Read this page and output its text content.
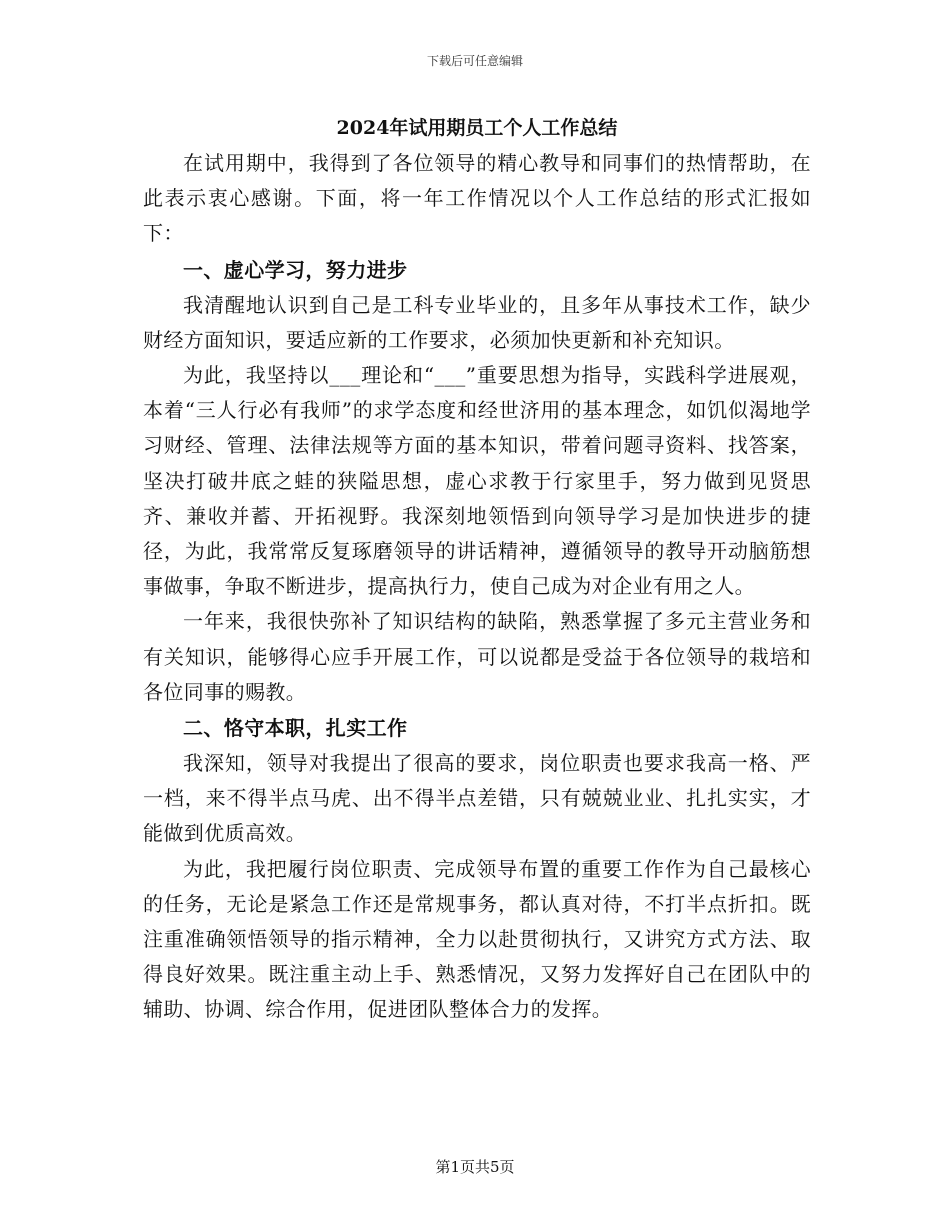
下载后可任意编辑
2024年试用期员工个人工作总结

在试用期中，我得到了各位领导的精心教导和同事们的热情帮助，在此表示衷心感谢。下面，将一年工作情况以个人工作总结的形式汇报如下：

一、虚心学习，努力进步

我清醒地认识到自己是工科专业毕业的，且多年从事技术工作，缺少财经方面知识，要适应新的工作要求，必须加快更新和补充知识。

为此，我坚持以___理论和“___”重要思想为指导，实践科学进展观，本着“三人行必有我师”的求学态度和经世济用的基本理念，如饥似渴地学习财经、管理、法律法规等方面的基本知识，带着问题寻资料、找答案，坚决打破井底之蛙的狭隘思想，虚心求教于行家里手，努力做到见贤思齐、兼收并蓄、开拓视野。我深刻地领悟到向领导学习是加快进步的捷径，为此，我常常反复琢磨领导的讲话精神，遵循领导的教导开动脑筋想事做事，争取不断进步，提高执行力，使自己成为对企业有用之人。

一年来，我很快弥补了知识结构的缺陷，熟悉掌握了多元主营业务和有关知识，能够得心应手开展工作，可以说都是受益于各位领导的栽培和各位同事的赐教。

二、恪守本职，扎实工作

我深知，领导对我提出了很高的要求，岗位职责也要求我高一格、严一档，来不得半点马虎、出不得半点差错，只有兢兢业业、扎扎实实，才能做到优质高效。

为此，我把履行岗位职责、完成领导布置的重要工作作为自己最核心的任务，无论是紧急工作还是常规事务，都认真对待，不打半点折扣。既注重准确领悟领导的指示精神，全力以赴贯彻执行，又讲究方式方法、取得良好效果。既注重主动上手、熟悉情况，又努力发挥好自己在团队中的辅助、协调、综合作用，促进团队整体合力的发挥。

第1页共5页
